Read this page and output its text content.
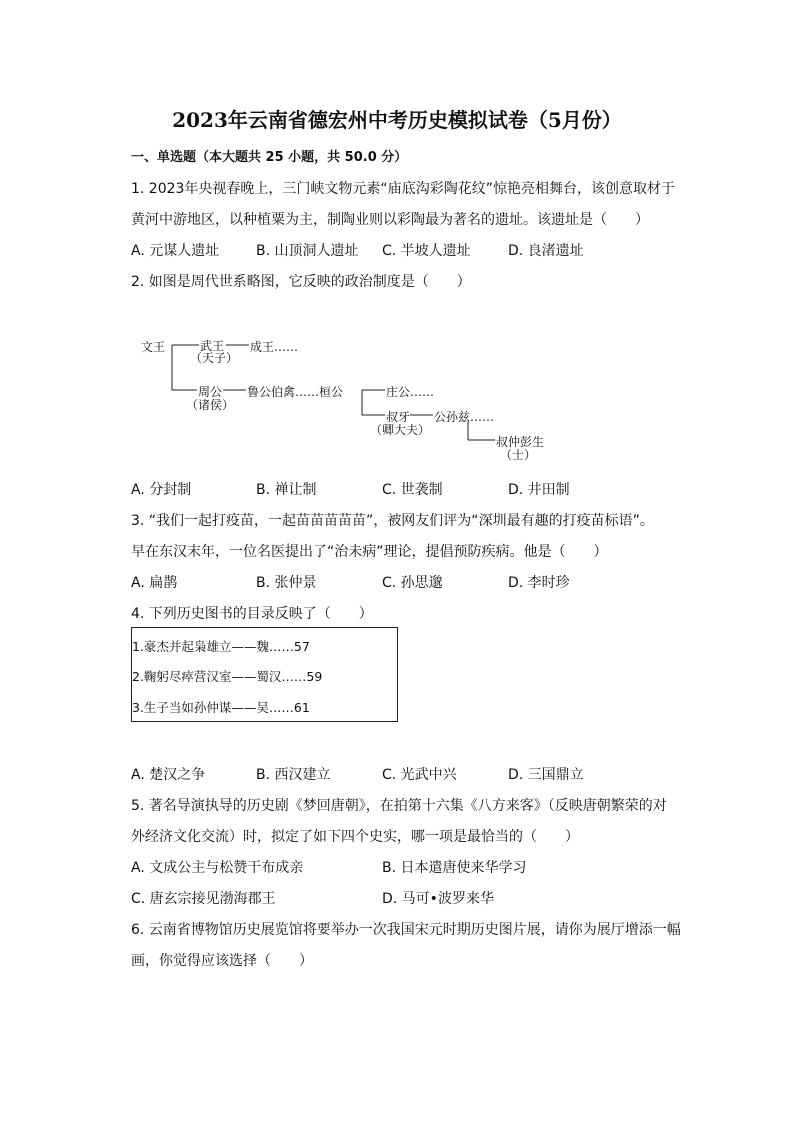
2023年云南省德宏州中考历史模拟试卷（5月份）
一、单选题（本大题共 25 小题，共 50.0 分）
1. 2023年央视春晚上，三门峡文物元素“庙底沟彩陶花纹”惊艳亮相舞台，该创意取材于
黄河中游地区，以种植粟为主，制陶业则以彩陶最为著名的遗址。该遗址是（　　）
A. 元谋人遗址	B. 山顶洞人遗址 C. 半坡人遗址	D. 良渚遗址
2. 如图是周代世系略图，它反映的政治制度是（　　）
文王	武王
（天子）
成王……
周公
（诸侯）
鲁公伯禽……桓公	庄公……
叔牙
（卿大夫）
公孙兹……
叔仲彭生
（士）
A. 分封制	B. 禅让制	C. 世袭制	D. 井田制
3. “我们一起打疫苗，一起苗苗苗苗苗”，被网友们评为“深圳最有趣的打疫苗标语”。
早在东汉末年，一位名医提出了“治未病”理论，提倡预防疾病。他是（　　）
A. 扁鹊	B. 张仲景	C. 孙思邈	D. 李时珍
4. 下列历史图书的目录反映了（　　）
1.豪杰并起枭雄立——魏……57
2.鞠躬尽瘁营汉室——蜀汉……59
3.生子当如孙仲谋——吴……61
A. 楚汉之争	B. 西汉建立	C. 光武中兴	D. 三国鼎立
5. 著名导演执导的历史剧《梦回唐朝》，在拍第十六集《八方来客》（反映唐朝繁荣的对
外经济文化交流）时，拟定了如下四个史实，哪一项是最恰当的（　　）
A. 文成公主与松赞干布成亲	B. 日本遣唐使来华学习
C. 唐玄宗接见渤海郡王	D. 马可•波罗来华
6. 云南省博物馆历史展览馆将要举办一次我国宋元时期历史图片展，请你为展厅增添一幅
画，你觉得应该选择（　　）
